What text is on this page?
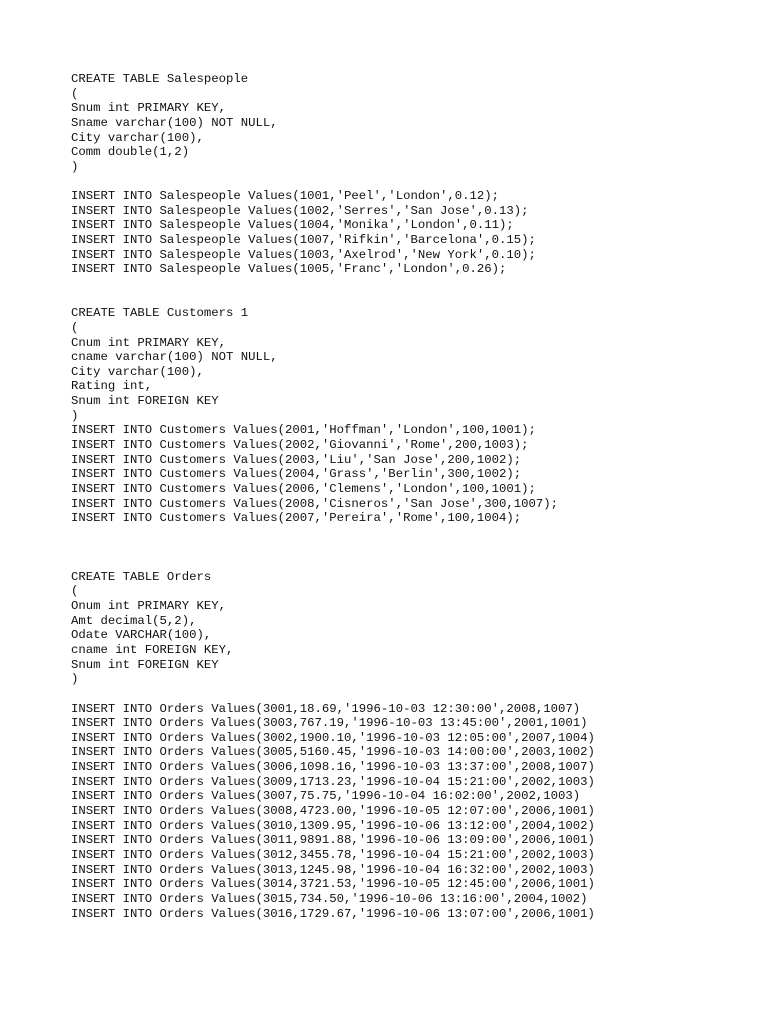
CREATE TABLE Salespeople
(
Snum int PRIMARY KEY,
Sname varchar(100) NOT NULL,
City varchar(100),
Comm double(1,2)
)
INSERT INTO Salespeople Values(1001,'Peel','London',0.12);
INSERT INTO Salespeople Values(1002,'Serres','San Jose',0.13);
INSERT INTO Salespeople Values(1004,'Monika','London',0.11);
INSERT INTO Salespeople Values(1007,'Rifkin','Barcelona',0.15);
INSERT INTO Salespeople Values(1003,'Axelrod','New York',0.10);
INSERT INTO Salespeople Values(1005,'Franc','London',0.26);
CREATE TABLE Customers 1
(
Cnum int PRIMARY KEY,
cname varchar(100) NOT NULL,
City varchar(100),
Rating int,
Snum int FOREIGN KEY
)
INSERT INTO Customers Values(2001,'Hoffman','London',100,1001);
INSERT INTO Customers Values(2002,'Giovanni','Rome',200,1003);
INSERT INTO Customers Values(2003,'Liu','San Jose',200,1002);
INSERT INTO Customers Values(2004,'Grass','Berlin',300,1002);
INSERT INTO Customers Values(2006,'Clemens','London',100,1001);
INSERT INTO Customers Values(2008,'Cisneros','San Jose',300,1007);
INSERT INTO Customers Values(2007,'Pereira','Rome',100,1004);
CREATE TABLE Orders
(
Onum int PRIMARY KEY,
Amt decimal(5,2),
Odate VARCHAR(100),
cname int FOREIGN KEY,
Snum int FOREIGN KEY
)
INSERT INTO Orders Values(3001,18.69,'1996-10-03 12:30:00',2008,1007)
INSERT INTO Orders Values(3003,767.19,'1996-10-03 13:45:00',2001,1001)
INSERT INTO Orders Values(3002,1900.10,'1996-10-03 12:05:00',2007,1004)
INSERT INTO Orders Values(3005,5160.45,'1996-10-03 14:00:00',2003,1002)
INSERT INTO Orders Values(3006,1098.16,'1996-10-03 13:37:00',2008,1007)
INSERT INTO Orders Values(3009,1713.23,'1996-10-04 15:21:00',2002,1003)
INSERT INTO Orders Values(3007,75.75,'1996-10-04 16:02:00',2002,1003)
INSERT INTO Orders Values(3008,4723.00,'1996-10-05 12:07:00',2006,1001)
INSERT INTO Orders Values(3010,1309.95,'1996-10-06 13:12:00',2004,1002)
INSERT INTO Orders Values(3011,9891.88,'1996-10-06 13:09:00',2006,1001)
INSERT INTO Orders Values(3012,3455.78,'1996-10-04 15:21:00',2002,1003)
INSERT INTO Orders Values(3013,1245.98,'1996-10-04 16:32:00',2002,1003)
INSERT INTO Orders Values(3014,3721.53,'1996-10-05 12:45:00',2006,1001)
INSERT INTO Orders Values(3015,734.50,'1996-10-06 13:16:00',2004,1002)
INSERT INTO Orders Values(3016,1729.67,'1996-10-06 13:07:00',2006,1001)
